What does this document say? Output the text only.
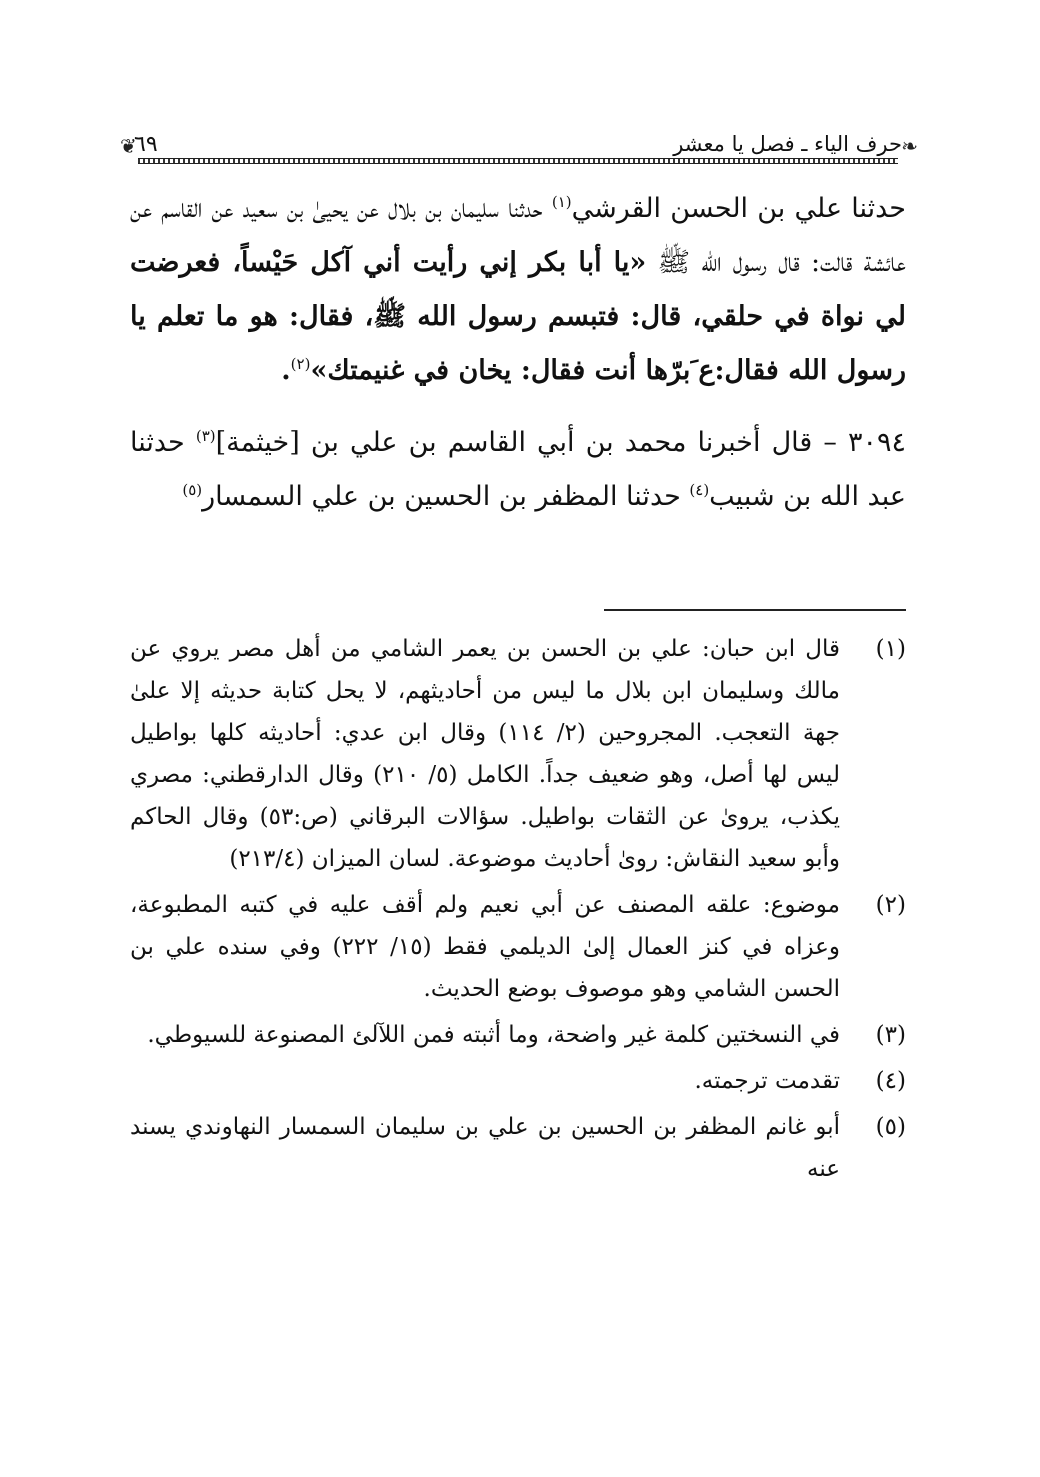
❦
٦٩	حرف الياء ـ فصل يا معشر ❧

حدثنا علي بن الحسن القرشي$^{(١)}$ حدثنا سليمان بن بلال عن يحيىٰ بن سعيد عن القاسم عن عائشة قالت: قال رسول الله ﷺ «يا أبا بكر إني رأيت أني آكل حَيْساً، فعرضت لي نواة في حلقي، قال: فتبسم رسول الله ﷺ، فقال: هو ما تعلم يا رسول الله فقال:ع َبرّها أنت فقال: يخان في غنيمتك»$^{(٢)}$.

٣٠٩٤ – قال أخبرنا محمد بن أبي القاسم بن علي بن [خيثمة]$^{(٣)}$ حدثنا عبد الله بن شبيب$^{(٤)}$ حدثنا المظفر بن الحسين بن علي السمسار$^{(٥)}$

(١)
قال ابن حبان: علي بن الحسن بن يعمر الشامي من أهل مصر يروي عن مالك وسليمان ابن بلال ما ليس من أحاديثهم، لا يحل كتابة حديثه إلا علىٰ جهة التعجب. المجروحين (٢/ ١١٤) وقال ابن عدي: أحاديثه كلها بواطيل ليس لها أصل، وهو ضعيف جداً. الكامل (٥/ ٢١٠) وقال الدارقطني: مصري يكذب، يروىٰ عن الثقات بواطيل. سؤالات البرقاني (ص:٥٣) وقال الحاكم وأبو سعيد النقاش: روىٰ أحاديث موضوعة. لسان الميزان (٢١٣/٤)
(٢)
موضوع: علقه المصنف عن أبي نعيم ولم أقف عليه في كتبه المطبوعة، وعزاه في كنز العمال إلىٰ الديلمي فقط (١٥/ ٢٢٢) وفي سنده علي بن الحسن الشامي وهو موصوف بوضع الحديث.
(٣)
في النسختين كلمة غير واضحة، وما أثبته فمن اللآلئ المصنوعة للسيوطي.
(٤)
تقدمت ترجمته.
(٥)
أبو غانم المظفر بن الحسين بن علي بن سليمان السمسار النهاوندي يسند عنه
